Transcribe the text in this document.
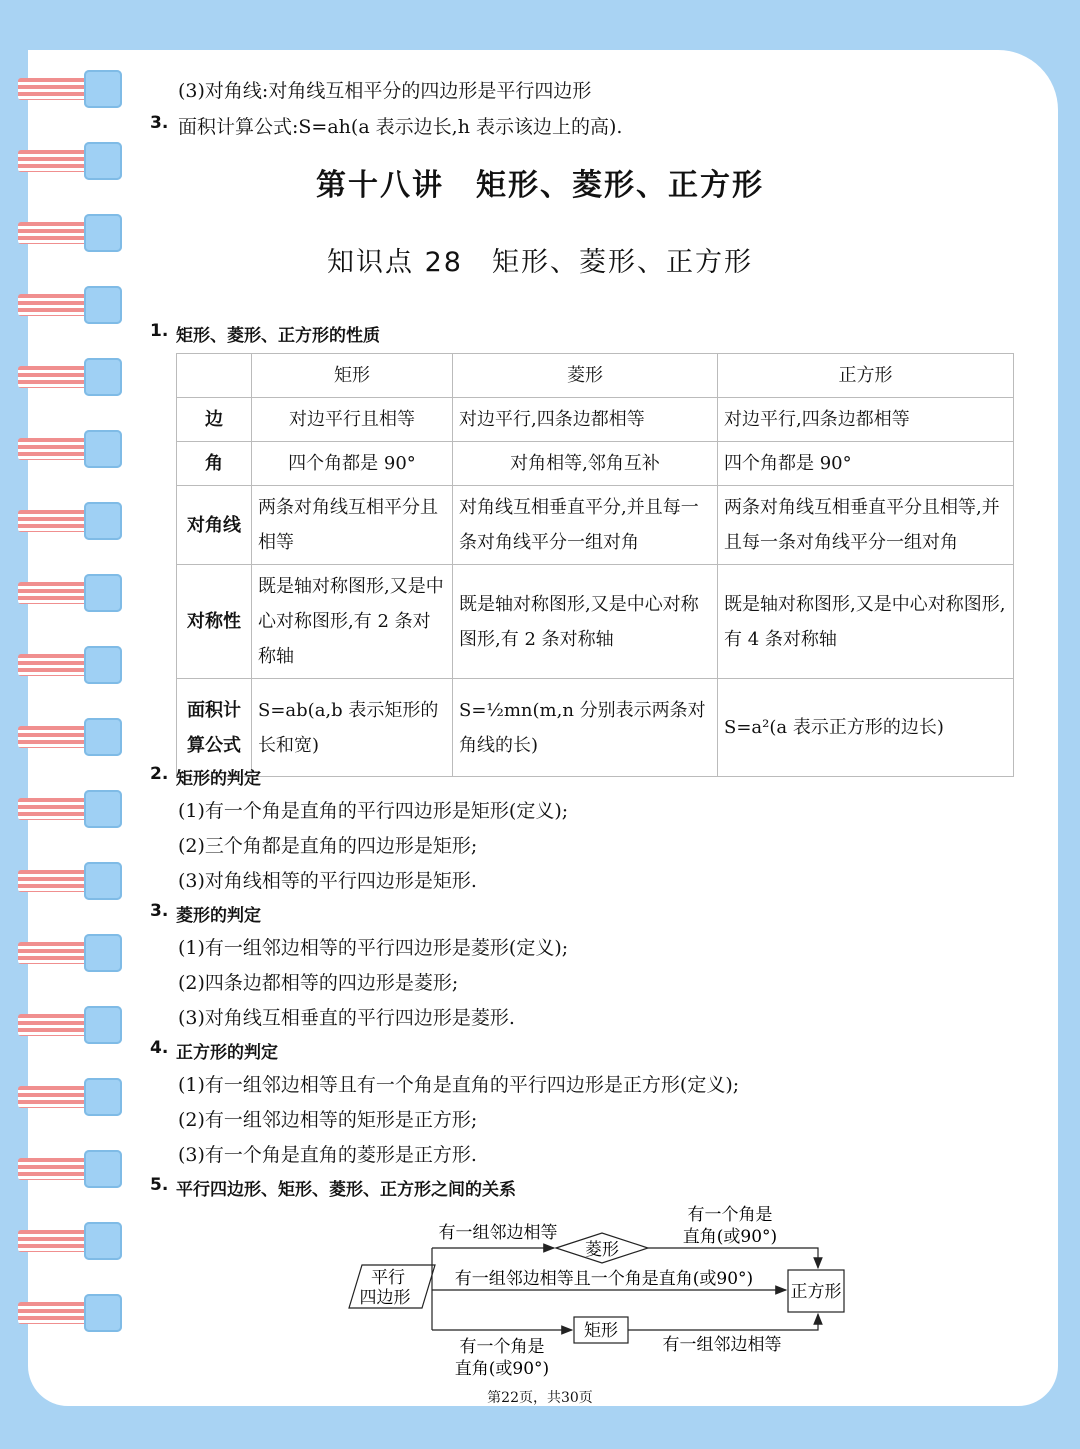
(3)对角线:对角线互相平分的四边形是平行四边形
3. 面积计算公式:S=ah(a 表示边长,h 表示该边上的高).
第十八讲　矩形、菱形、正方形
知识点 28　矩形、菱形、正方形
1. 矩形、菱形、正方形的性质
	矩形	菱形	正方形
边	对边平行且相等	对边平行,四条边都相等	对边平行,四条边都相等
角	四个角都是 90°	对角相等,邻角互补	四个角都是 90°
对角线	两条对角线互相平分且相等	对角线互相垂直平分,并且每一条对角线平分一组对角	两条对角线互相垂直平分且相等,并且每一条对角线平分一组对角
对称性	既是轴对称图形,又是中心对称图形,有 2 条对称轴	既是轴对称图形,又是中心对称图形,有 2 条对称轴	既是轴对称图形,又是中心对称图形,有 4 条对称轴
面积计算公式	S=ab(a,b 表示矩形的长和宽)	S=½mn(m,n 分别表示两条对角线的长)	S=a²(a 表示正方形的边长)
2. 矩形的判定
(1)有一个角是直角的平行四边形是矩形(定义);
(2)三个角都是直角的四边形是矩形;
(3)对角线相等的平行四边形是矩形.
3. 菱形的判定
(1)有一组邻边相等的平行四边形是菱形(定义);
(2)四条边都相等的四边形是菱形;
(3)对角线互相垂直的平行四边形是菱形.
4. 正方形的判定
(1)有一组邻边相等且有一个角是直角的平行四边形是正方形(定义);
(2)有一组邻边相等的矩形是正方形;
(3)有一个角是直角的菱形是正方形.
5. 平行四边形、矩形、菱形、正方形之间的关系
平行
四边形
菱形
正方形
矩形
有一组邻边相等
有一个角是
直角(或90°)
有一组邻边相等且一个角是直角(或90°)
有一个角是
直角(或90°)
有一组邻边相等
第22页，共30页
